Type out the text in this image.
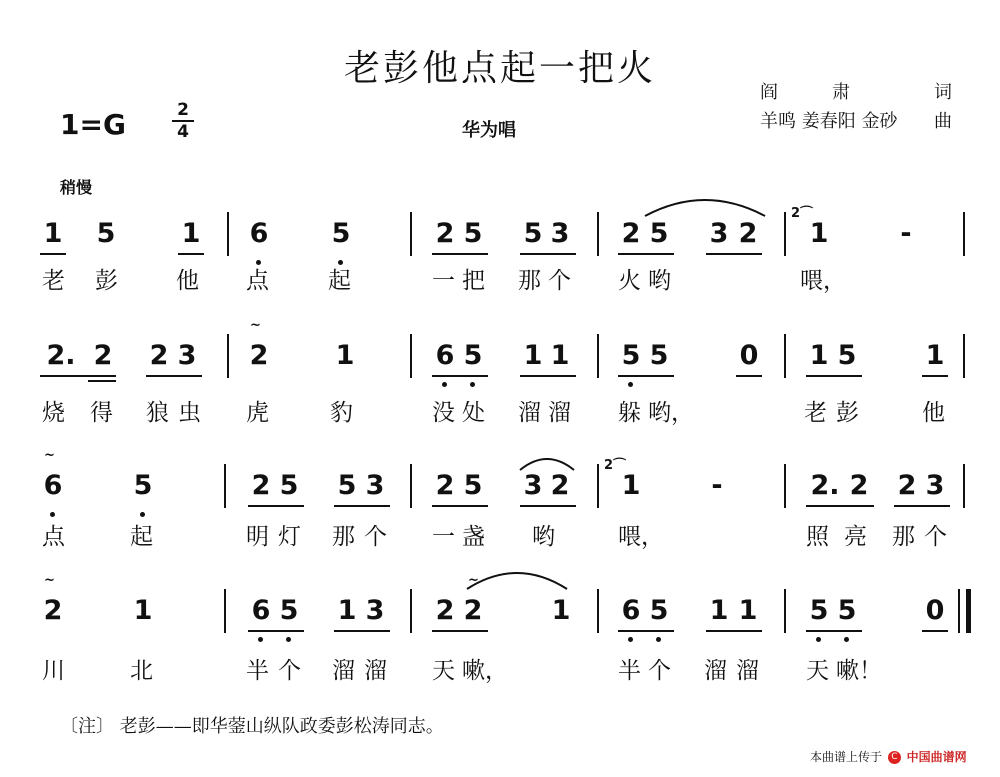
老彭他点起一把火
阎　　　肃	词
羊鸣 姜春阳 金砂 曲
1=G	2
4	华为唱
稍慢
1 5 1 6 5	2 5 5 3 2 5 3 2
2⌒
1	-
老 彭	他 点	起	一 把 那 个 火 哟	喂，
2. 2 2 3
~
2 1	6 5 1 1 5 5	0 1 5	1
烧 得 狼 虫 虎	豹	没 处 溜 溜 躲 哟，	老 彭	他
~
6	5	2 5 5 3 2 5 3 2
2⌒
1	-	2. 2 2 3
点	起	明 灯 那 个 一 盏 哟	喂，	照 亮 那 个
~
2	1	6 5 1 3 2
~
2	1 6 5 1 1 5 5	0
川	北	半 个 溜 溜 天 嗽，	半 个 溜 溜 天 嗽！
〔注〕 老彭——即华蓥山纵队政委彭松涛同志。
本曲谱上传于 C 中国曲谱网
